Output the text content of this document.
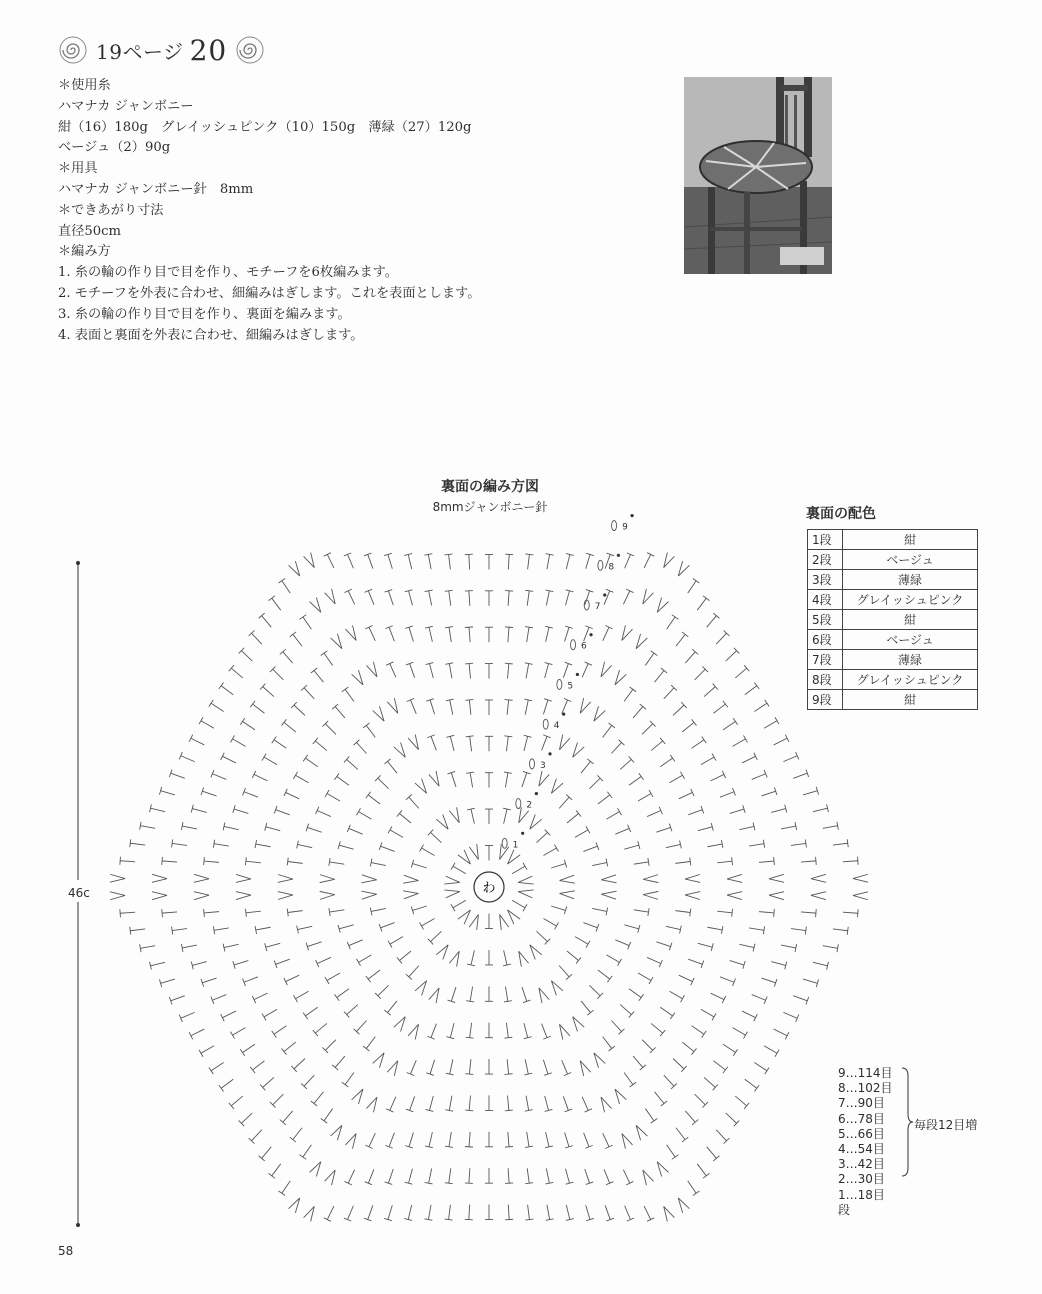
19ページ 20
＊使用糸
ハマナカ ジャンボニー
紺（16）180g　グレイッシュピンク（10）150g　薄緑（27）120g
ベージュ（2）90g
＊用具
ハマナカ ジャンボニー針　8mm
＊できあがり寸法
直径50cm
＊編み方
1. 糸の輪の作り目で目を作り、モチーフを6枚編みます。
2. モチーフを外表に合わせ、細編みはぎします。これを表面とします。
3. 糸の輪の作り目で目を作り、裏面を編みます。
4. 表面と裏面を外表に合わせ、細編みはぎします。
裏面の編み方図
8mmジャンボニー針	裏面の配色
1段	紺
2段	ベージュ
3段	薄緑
4段	グレイッシュピンク
5段	紺
6段	ベージュ
7段	薄緑
8段	グレイッシュピンク
9段	紺
1
2
3
4
5
6
7
8
9
わ
46c
9…114目
8…102目
7…90目
6…78目
5…66目
4…54目
3…42目
2…30目
1…18目
段
毎段12目増
58
